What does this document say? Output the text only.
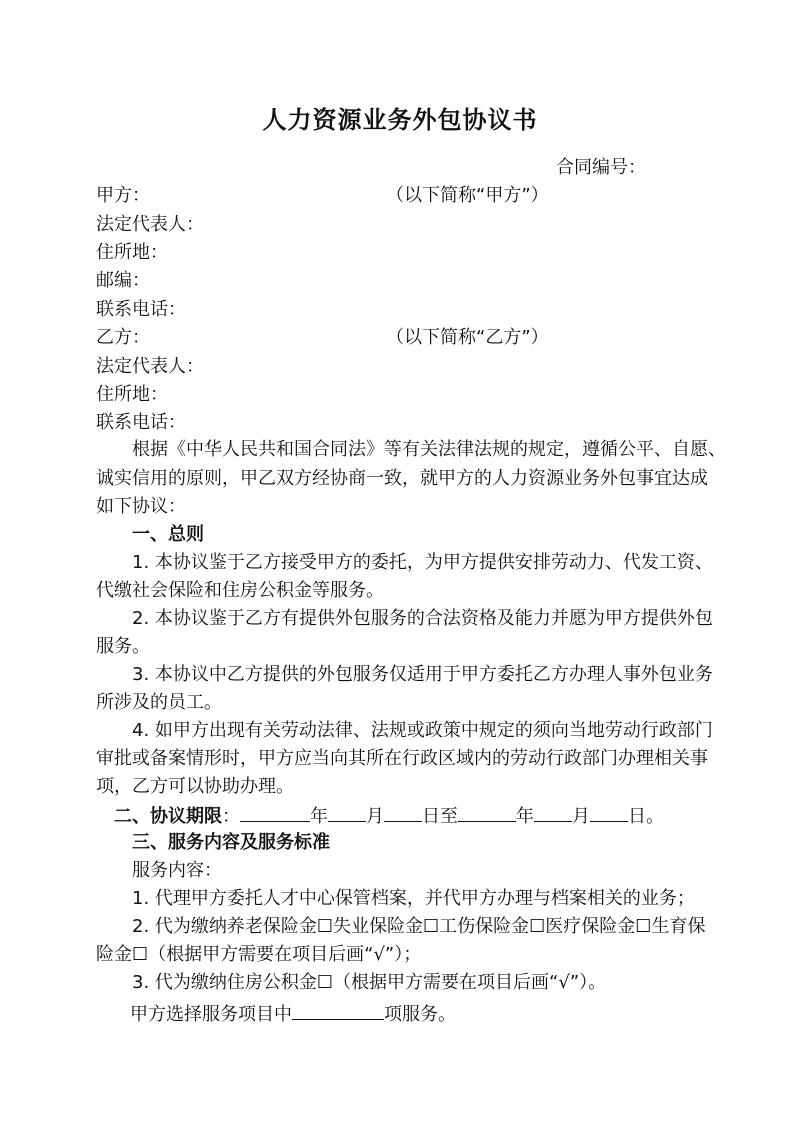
人力资源业务外包协议书
合同编号：
甲方：	（以下简称“甲方”）
法定代表人：
住所地：
邮编：
联系电话：
乙方：	（以下简称“乙方”）
法定代表人：
住所地：
联系电话：
根据《中华人民共和国合同法》等有关法律法规的规定，遵循公平、自愿、
诚实信用的原则，甲乙双方经协商一致，就甲方的人力资源业务外包事宜达成
如下协议：
一、总则
1. 本协议鉴于乙方接受甲方的委托，为甲方提供安排劳动力、代发工资、
代缴社会保险和住房公积金等服务。
2. 本协议鉴于乙方有提供外包服务的合法资格及能力并愿为甲方提供外包
服务。
3. 本协议中乙方提供的外包服务仅适用于甲方委托乙方办理人事外包业务
所涉及的员工。
4. 如甲方出现有关劳动法律、法规或政策中规定的须向当地劳动行政部门
审批或备案情形时，甲方应当向其所在行政区域内的劳动行政部门办理相关事
项，乙方可以协助办理。
二、协议期限：	年 月 日至	年 月 日。
三、服务内容及服务标准
服务内容：
1. 代理甲方委托人才中心保管档案，并代甲方办理与档案相关的业务；
2. 代为缴纳养老保险金☐失业保险金☐工伤保险金☐医疗保险金☐生育保
险金☐（根据甲方需要在项目后画“√”）；
3. 代为缴纳住房公积金☐（根据甲方需要在项目后画“√”）。
甲方选择服务项目中	项服务。
